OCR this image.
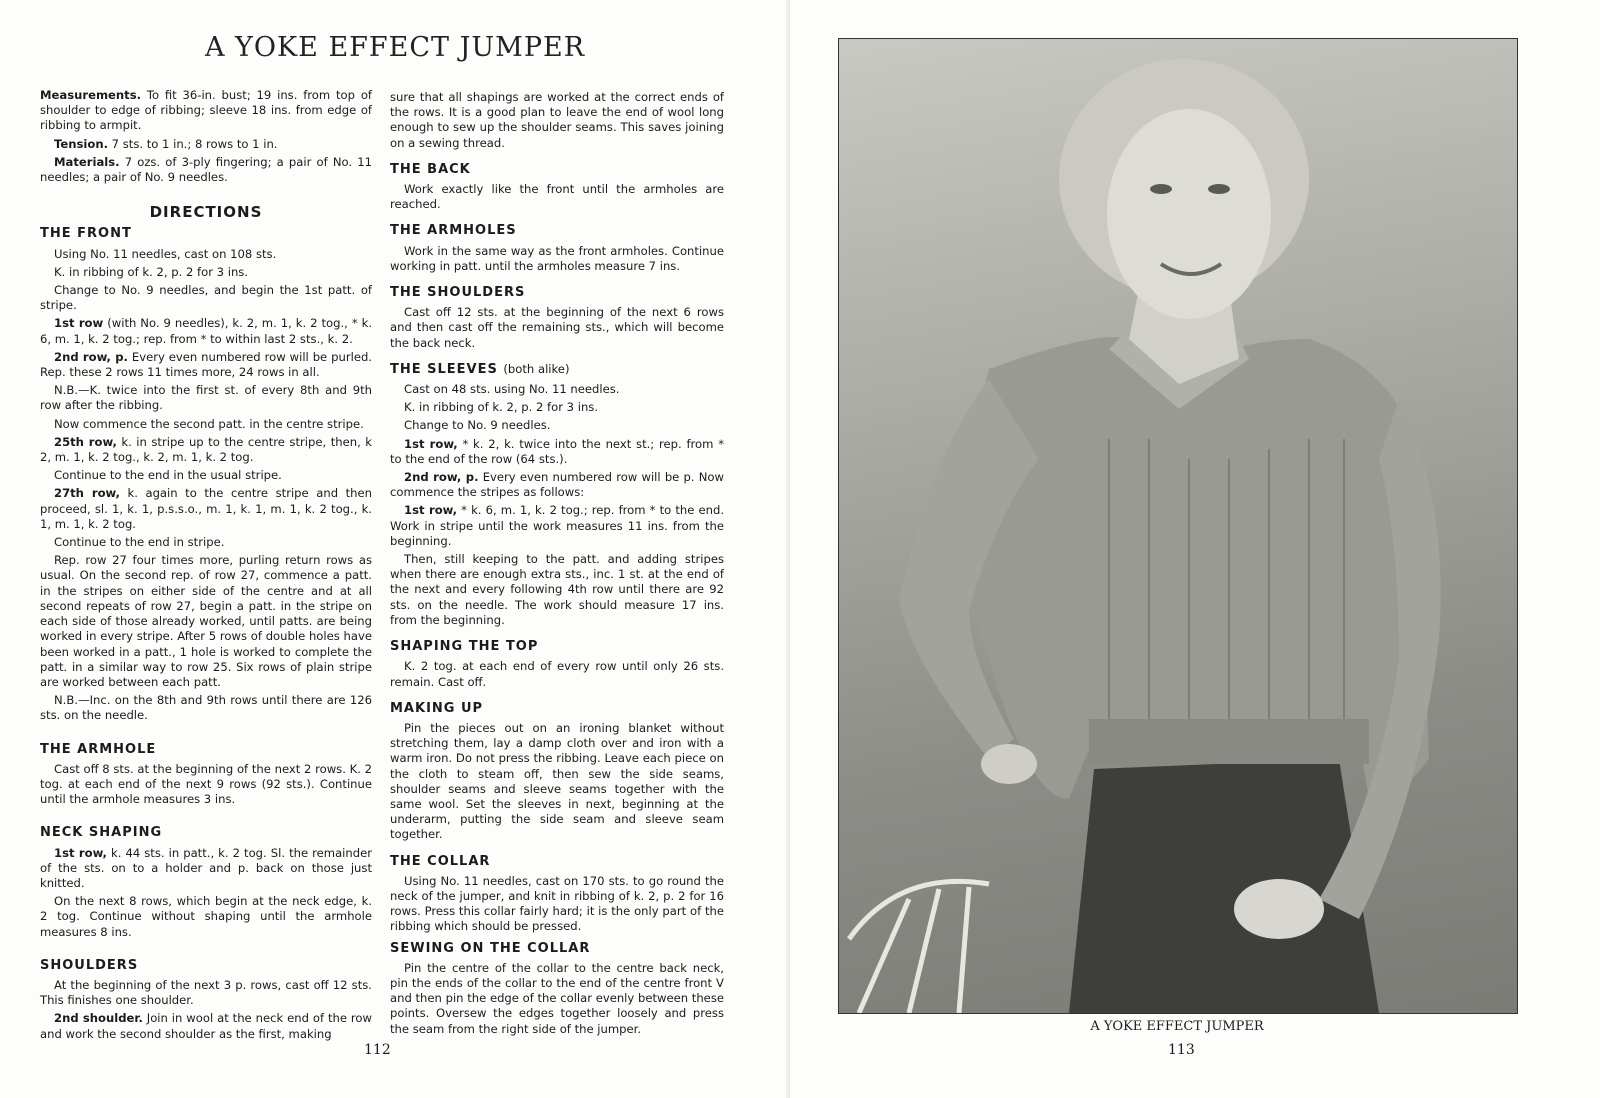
A YOKE EFFECT JUMPER

Measurements. To fit 36-in. bust; 19 ins. from top of shoulder to edge of ribbing; sleeve 18 ins. from edge of ribbing to armpit.

Tension. 7 sts. to 1 in.; 8 rows to 1 in.

Materials. 7 ozs. of 3-ply fingering; a pair of No. 11 needles; a pair of No. 9 needles.

DIRECTIONS
THE FRONT

Using No. 11 needles, cast on 108 sts.

K. in ribbing of k. 2, p. 2 for 3 ins.

Change to No. 9 needles, and begin the 1st patt. of stripe.

1st row (with No. 9 needles), k. 2, m. 1, k. 2 tog., * k. 6, m. 1, k. 2 tog.; rep. from * to within last 2 sts., k. 2.

2nd row, p. Every even numbered row will be purled. Rep. these 2 rows 11 times more, 24 rows in all.

N.B.—K. twice into the first st. of every 8th and 9th row after the ribbing.

Now commence the second patt. in the centre stripe.

25th row, k. in stripe up to the centre stripe, then, k 2, m. 1, k. 2 tog., k. 2, m. 1, k. 2 tog.

Continue to the end in the usual stripe.

27th row, k. again to the centre stripe and then proceed, sl. 1, k. 1, p.s.s.o., m. 1, k. 1, m. 1, k. 2 tog., k. 1, m. 1, k. 2 tog.

Continue to the end in stripe.

Rep. row 27 four times more, purling return rows as usual. On the second rep. of row 27, commence a patt. in the stripes on either side of the centre and at all second repeats of row 27, begin a patt. in the stripe on each side of those already worked, until patts. are being worked in every stripe. After 5 rows of double holes have been worked in a patt., 1 hole is worked to complete the patt. in a similar way to row 25. Six rows of plain stripe are worked between each patt.

N.B.—Inc. on the 8th and 9th rows until there are 126 sts. on the needle.

THE ARMHOLE

Cast off 8 sts. at the beginning of the next 2 rows. K. 2 tog. at each end of the next 9 rows (92 sts.). Continue until the armhole measures 3 ins.

NECK SHAPING

1st row, k. 44 sts. in patt., k. 2 tog. Sl. the remainder of the sts. on to a holder and p. back on those just knitted.

On the next 8 rows, which begin at the neck edge, k. 2 tog. Continue without shaping until the armhole measures 8 ins.

SHOULDERS

At the beginning of the next 3 p. rows, cast off 12 sts. This finishes one shoulder.

2nd shoulder. Join in wool at the neck end of the row and work the second shoulder as the first, making

sure that all shapings are worked at the correct ends of the rows. It is a good plan to leave the end of wool long enough to sew up the shoulder seams. This saves joining on a sewing thread.

THE BACK

Work exactly like the front until the armholes are reached.

THE ARMHOLES

Work in the same way as the front armholes. Continue working in patt. until the armholes measure 7 ins.

THE SHOULDERS

Cast off 12 sts. at the beginning of the next 6 rows and then cast off the remaining sts., which will become the back neck.

THE SLEEVES (both alike)

Cast on 48 sts. using No. 11 needles.

K. in ribbing of k. 2, p. 2 for 3 ins.

Change to No. 9 needles.

1st row, * k. 2, k. twice into the next st.; rep. from * to the end of the row (64 sts.).

2nd row, p. Every even numbered row will be p. Now commence the stripes as follows:

1st row, * k. 6, m. 1, k. 2 tog.; rep. from * to the end. Work in stripe until the work measures 11 ins. from the beginning.

Then, still keeping to the patt. and adding stripes when there are enough extra sts., inc. 1 st. at the end of the next and every following 4th row until there are 92 sts. on the needle. The work should measure 17 ins. from the beginning.

SHAPING THE TOP

K. 2 tog. at each end of every row until only 26 sts. remain. Cast off.

MAKING UP

Pin the pieces out on an ironing blanket without stretching them, lay a damp cloth over and iron with a warm iron. Do not press the ribbing. Leave each piece on the cloth to steam off, then sew the side seams, shoulder seams and sleeve seams together with the same wool. Set the sleeves in next, beginning at the underarm, putting the side seam and sleeve seam together.

THE COLLAR

Using No. 11 needles, cast on 170 sts. to go round the neck of the jumper, and knit in ribbing of k. 2, p. 2 for 16 rows. Press this collar fairly hard; it is the only part of the ribbing which should be pressed.

SEWING ON THE COLLAR

Pin the centre of the collar to the centre back neck, pin the ends of the collar to the end of the centre front V and then pin the edge of the collar evenly between these points. Oversew the edges together loosely and press the seam from the right side of the jumper.

112
A YOKE EFFECT JUMPER
113
